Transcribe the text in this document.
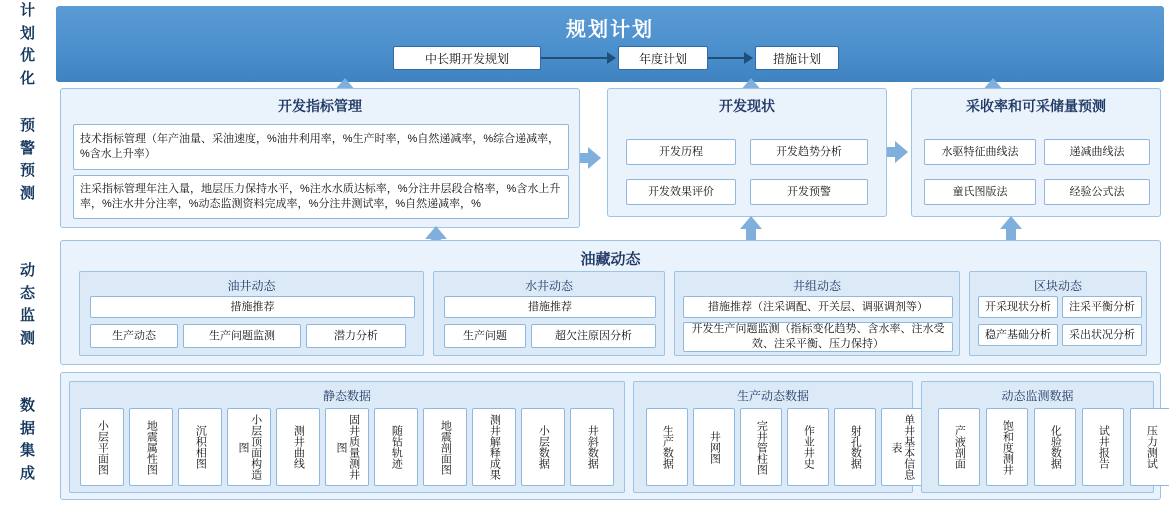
计划优化
预警预测
动态监测
数据集成
规划计划
中长期开发规划	年度计划	措施计划
开发指标管理
技术指标管理（年产油量、采油速度，%油井利用率，%生产时率，%自然递减率，%综合递减率，%含水上升率）
注采指标管理年注入量，地层压力保持水平，%注水水质达标率，%分注井层段合格率，%含水上升率，%注水井分注率，%动态监测资料完成率，%分注井测试率，%自然递减率，%
开发现状
开发历程	开发趋势分析
开发效果评价	开发预警
采收率和可采储量预测
水驱特征曲线法	递减曲线法
童氏图版法	经验公式法
油藏动态
油井动态
措施推荐
生产动态	生产问题监测	潜力分析
水井动态
措施推荐
生产问题	超欠注原因分析
井组动态
措施推荐（注采调配、开关层、调驱调剂等）
开发生产问题监测（指标变化趋势、含水率、注水受效、注采平衡、压力保持）
区块动态
开采现状分析	注采平衡分析
稳产基础分析	采出状况分析
静态数据
小层平面图	地震属性图	沉积相图	小层顶面构造图	测井曲线	固井质量测井图	随钻轨迹	地震剖面图	测井解释成果	小层数据	井斜数据
生产动态数据
生产数据	井网图	完井管柱图	作业井史	射孔数据	单井基本信息表
动态监测数据
产液剖面	饱和度测井	化验数据	试井报告	压力测试
